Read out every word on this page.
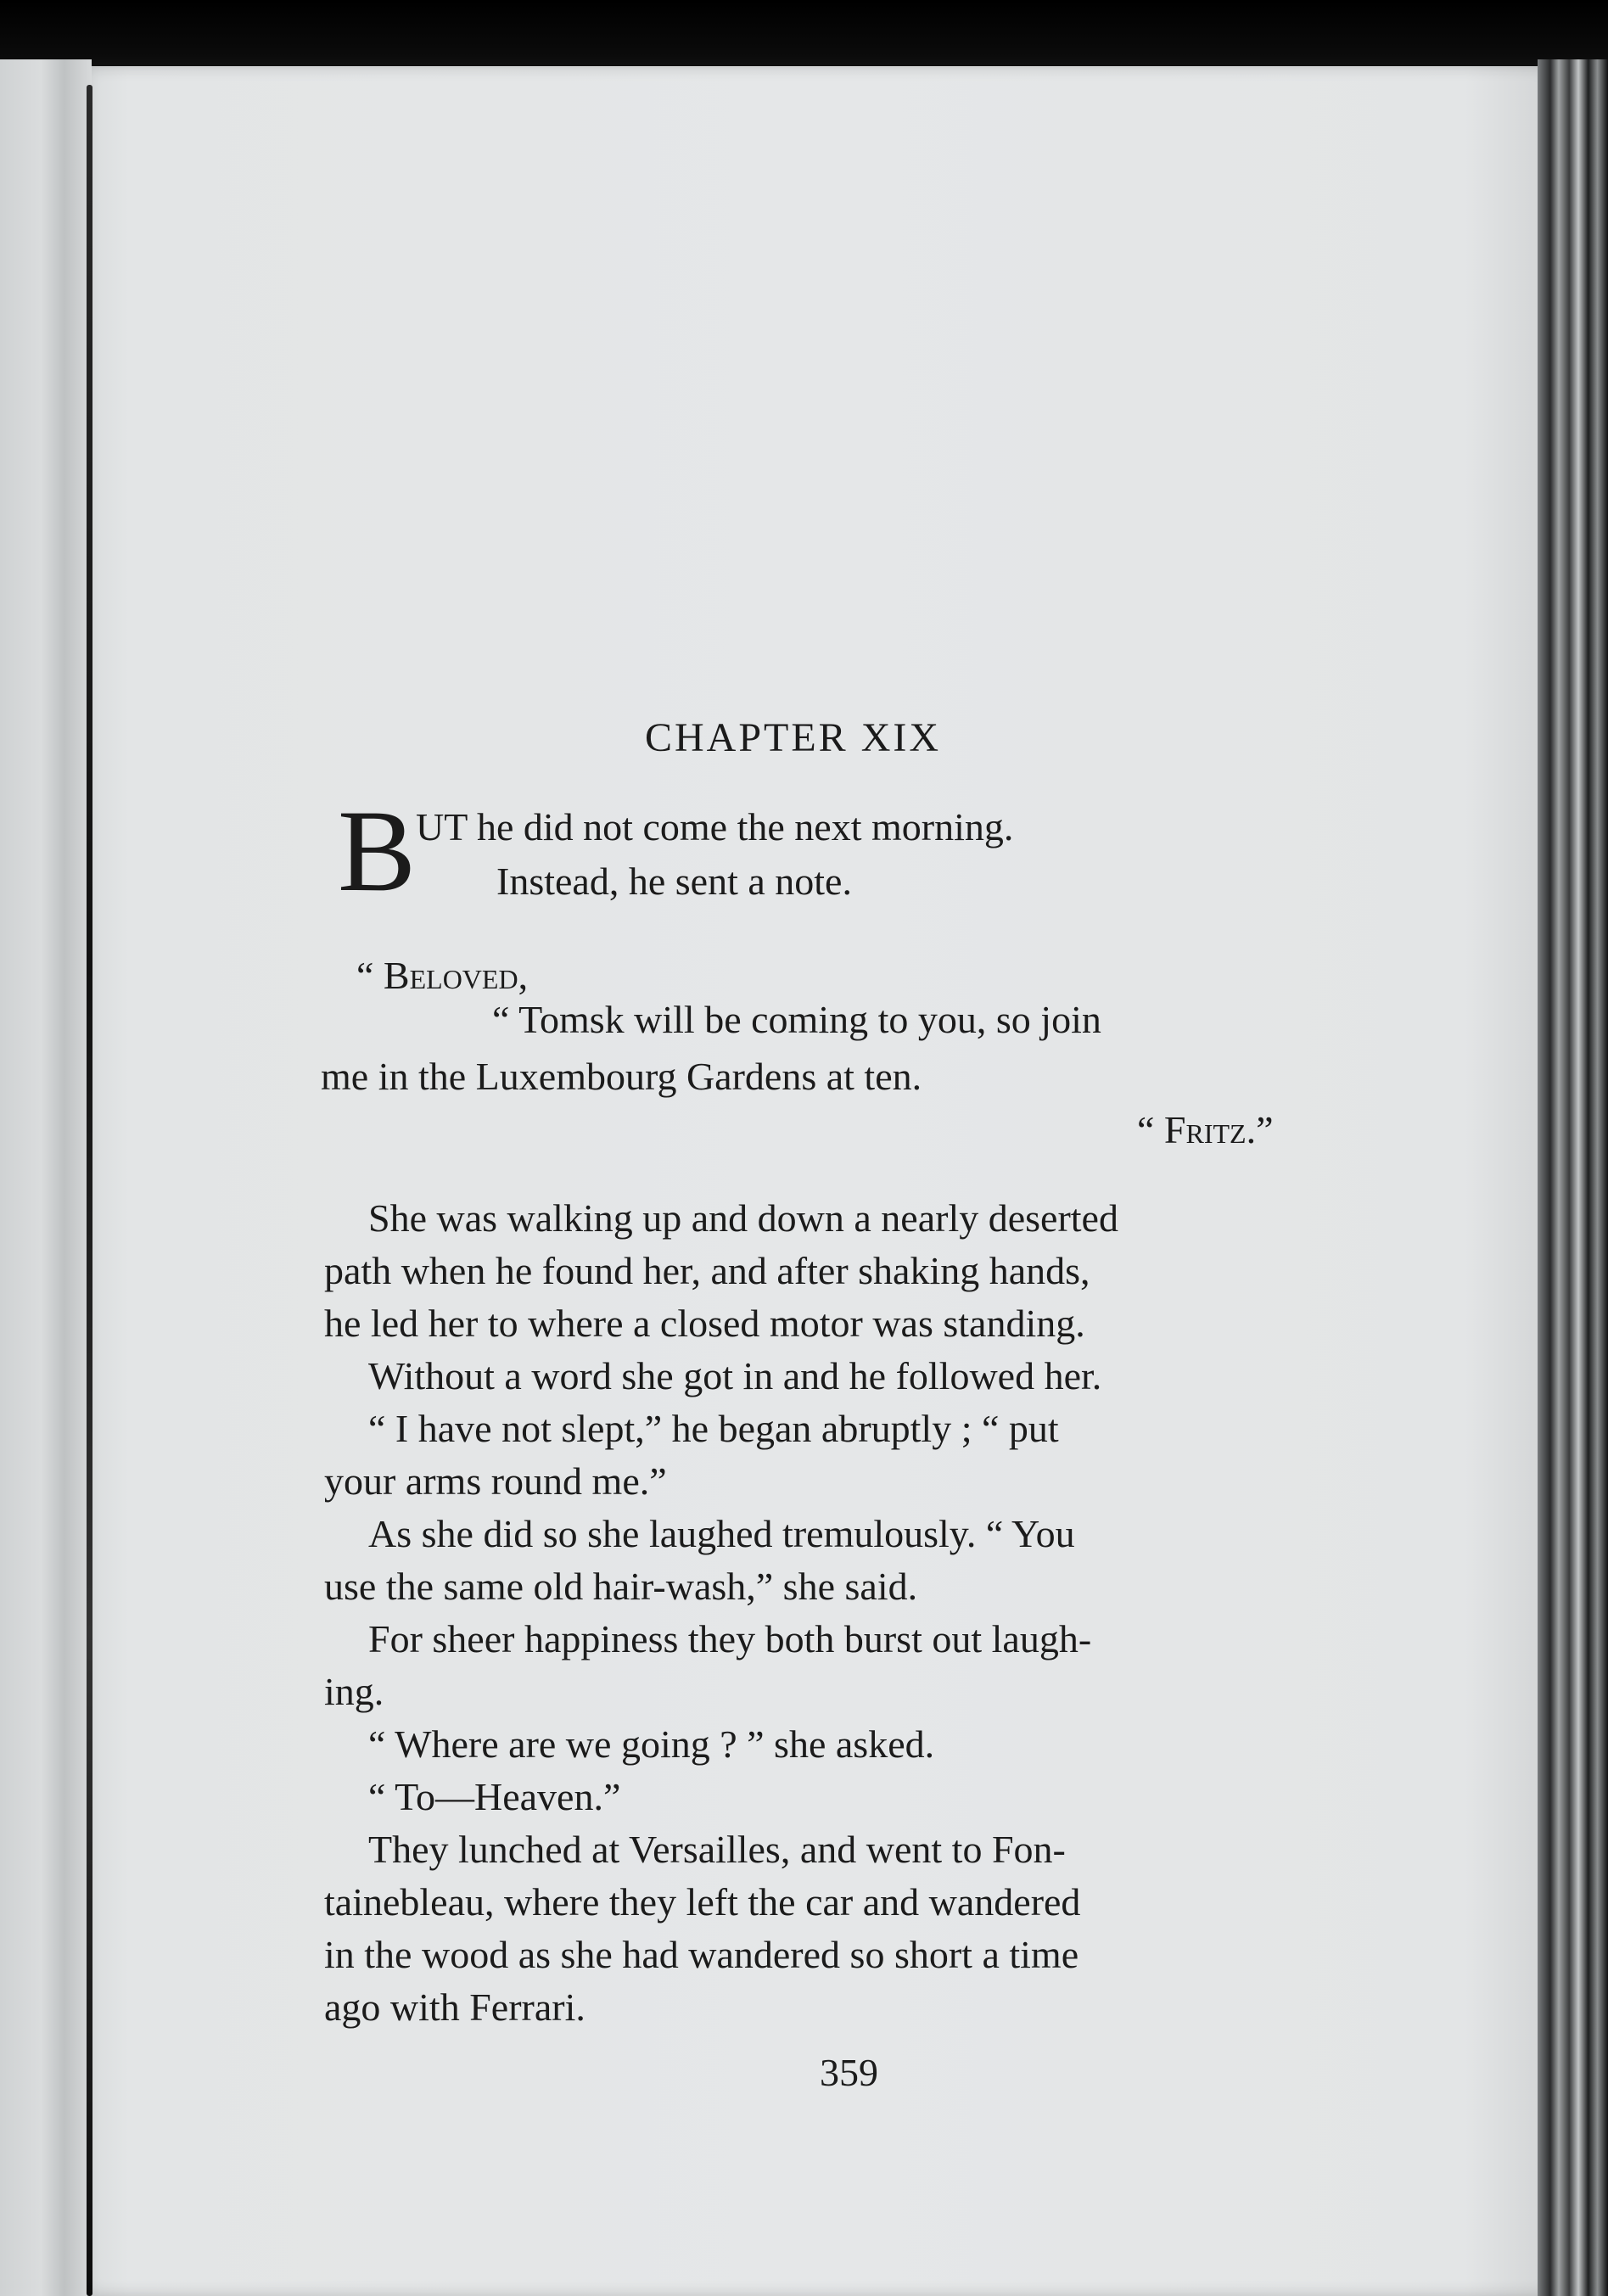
CHAPTER XIX
B UT he did not come the next morning.
Instead, he sent a note.
“ Beloved,
“ Tomsk will be coming to you, so join
me in the Luxembourg Gardens at ten.
“ Fritz.”
She was walking up and down a nearly deserted
path when he found her, and after shaking hands,
he led her to where a closed motor was standing.
Without a word she got in and he followed her.
“ I have not slept,” he began abruptly ; “ put
your arms round me.”
As she did so she laughed tremulously. “ You
use the same old hair-wash,” she said.
For sheer happiness they both burst out laugh-
ing.
“ Where are we going ? ” she asked.
“ To—Heaven.”
They lunched at Versailles, and went to Fon-
tainebleau, where they left the car and wandered
in the wood as she had wandered so short a time
ago with Ferrari.
359
